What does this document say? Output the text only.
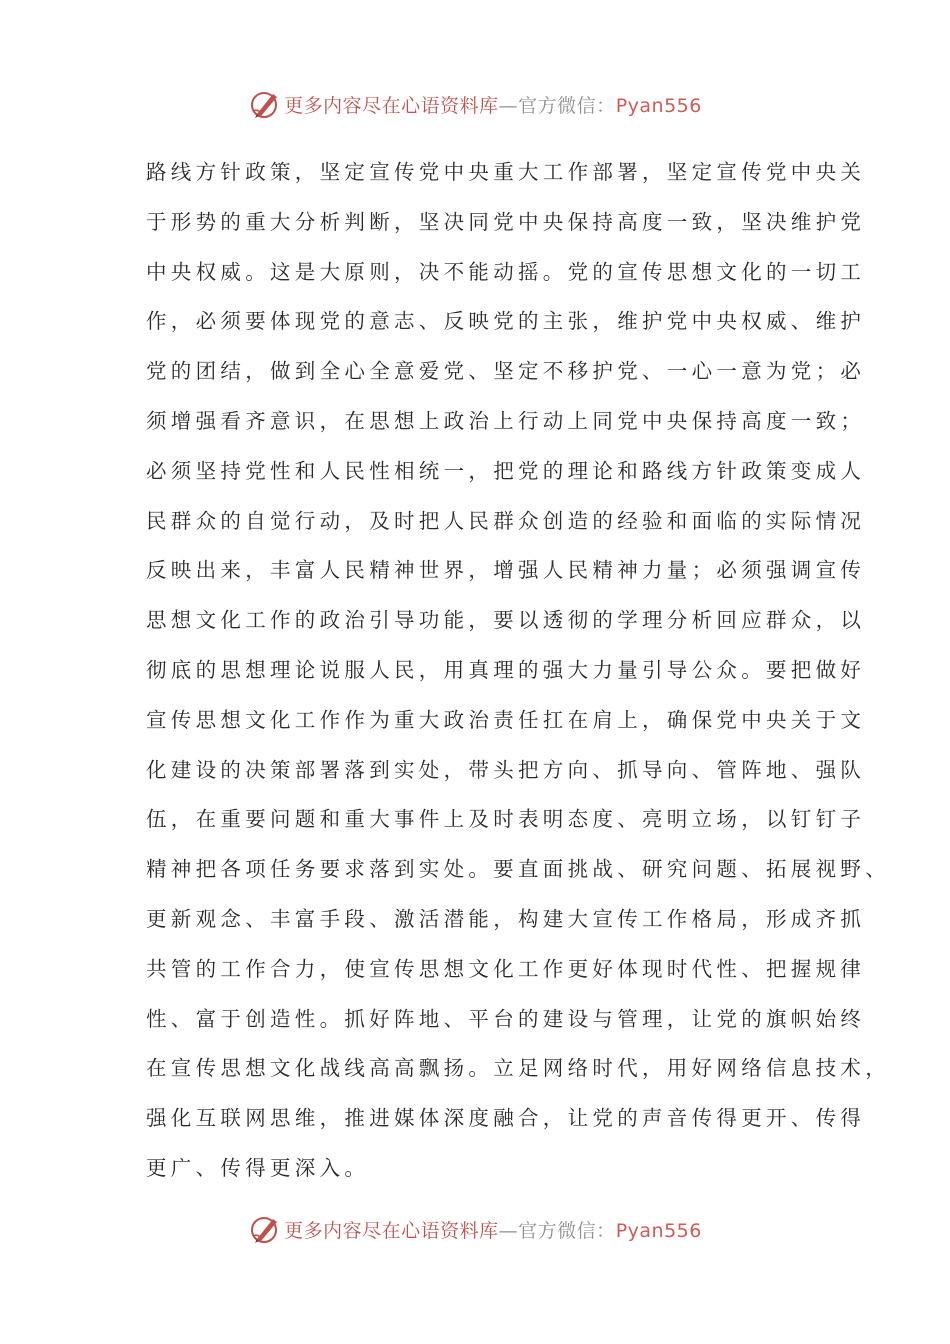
更多内容尽在心语资料库—官方微信：Pyan556
路线方针政策，坚定宣传党中央重大工作部署，坚定宣传党中央关
于形势的重大分析判断，坚决同党中央保持高度一致，坚决维护党
中央权威。这是大原则，决不能动摇。党的宣传思想文化的一切工
作，必须要体现党的意志、反映党的主张，维护党中央权威、维护
党的团结，做到全心全意爱党、坚定不移护党、一心一意为党；必
须增强看齐意识，在思想上政治上行动上同党中央保持高度一致；
必须坚持党性和人民性相统一，把党的理论和路线方针政策变成人
民群众的自觉行动，及时把人民群众创造的经验和面临的实际情况
反映出来，丰富人民精神世界，增强人民精神力量；必须强调宣传
思想文化工作的政治引导功能，要以透彻的学理分析回应群众，以
彻底的思想理论说服人民，用真理的强大力量引导公众。要把做好
宣传思想文化工作作为重大政治责任扛在肩上，确保党中央关于文
化建设的决策部署落到实处，带头把方向、抓导向、管阵地、强队
伍，在重要问题和重大事件上及时表明态度、亮明立场，以钉钉子
精神把各项任务要求落到实处。要直面挑战、研究问题、拓展视野、
更新观念、丰富手段、激活潜能，构建大宣传工作格局，形成齐抓
共管的工作合力，使宣传思想文化工作更好体现时代性、把握规律
性、富于创造性。抓好阵地、平台的建设与管理，让党的旗帜始终
在宣传思想文化战线高高飘扬。立足网络时代，用好网络信息技术，
强化互联网思维，推进媒体深度融合，让党的声音传得更开、传得
更广、传得更深入。
更多内容尽在心语资料库—官方微信：Pyan556
